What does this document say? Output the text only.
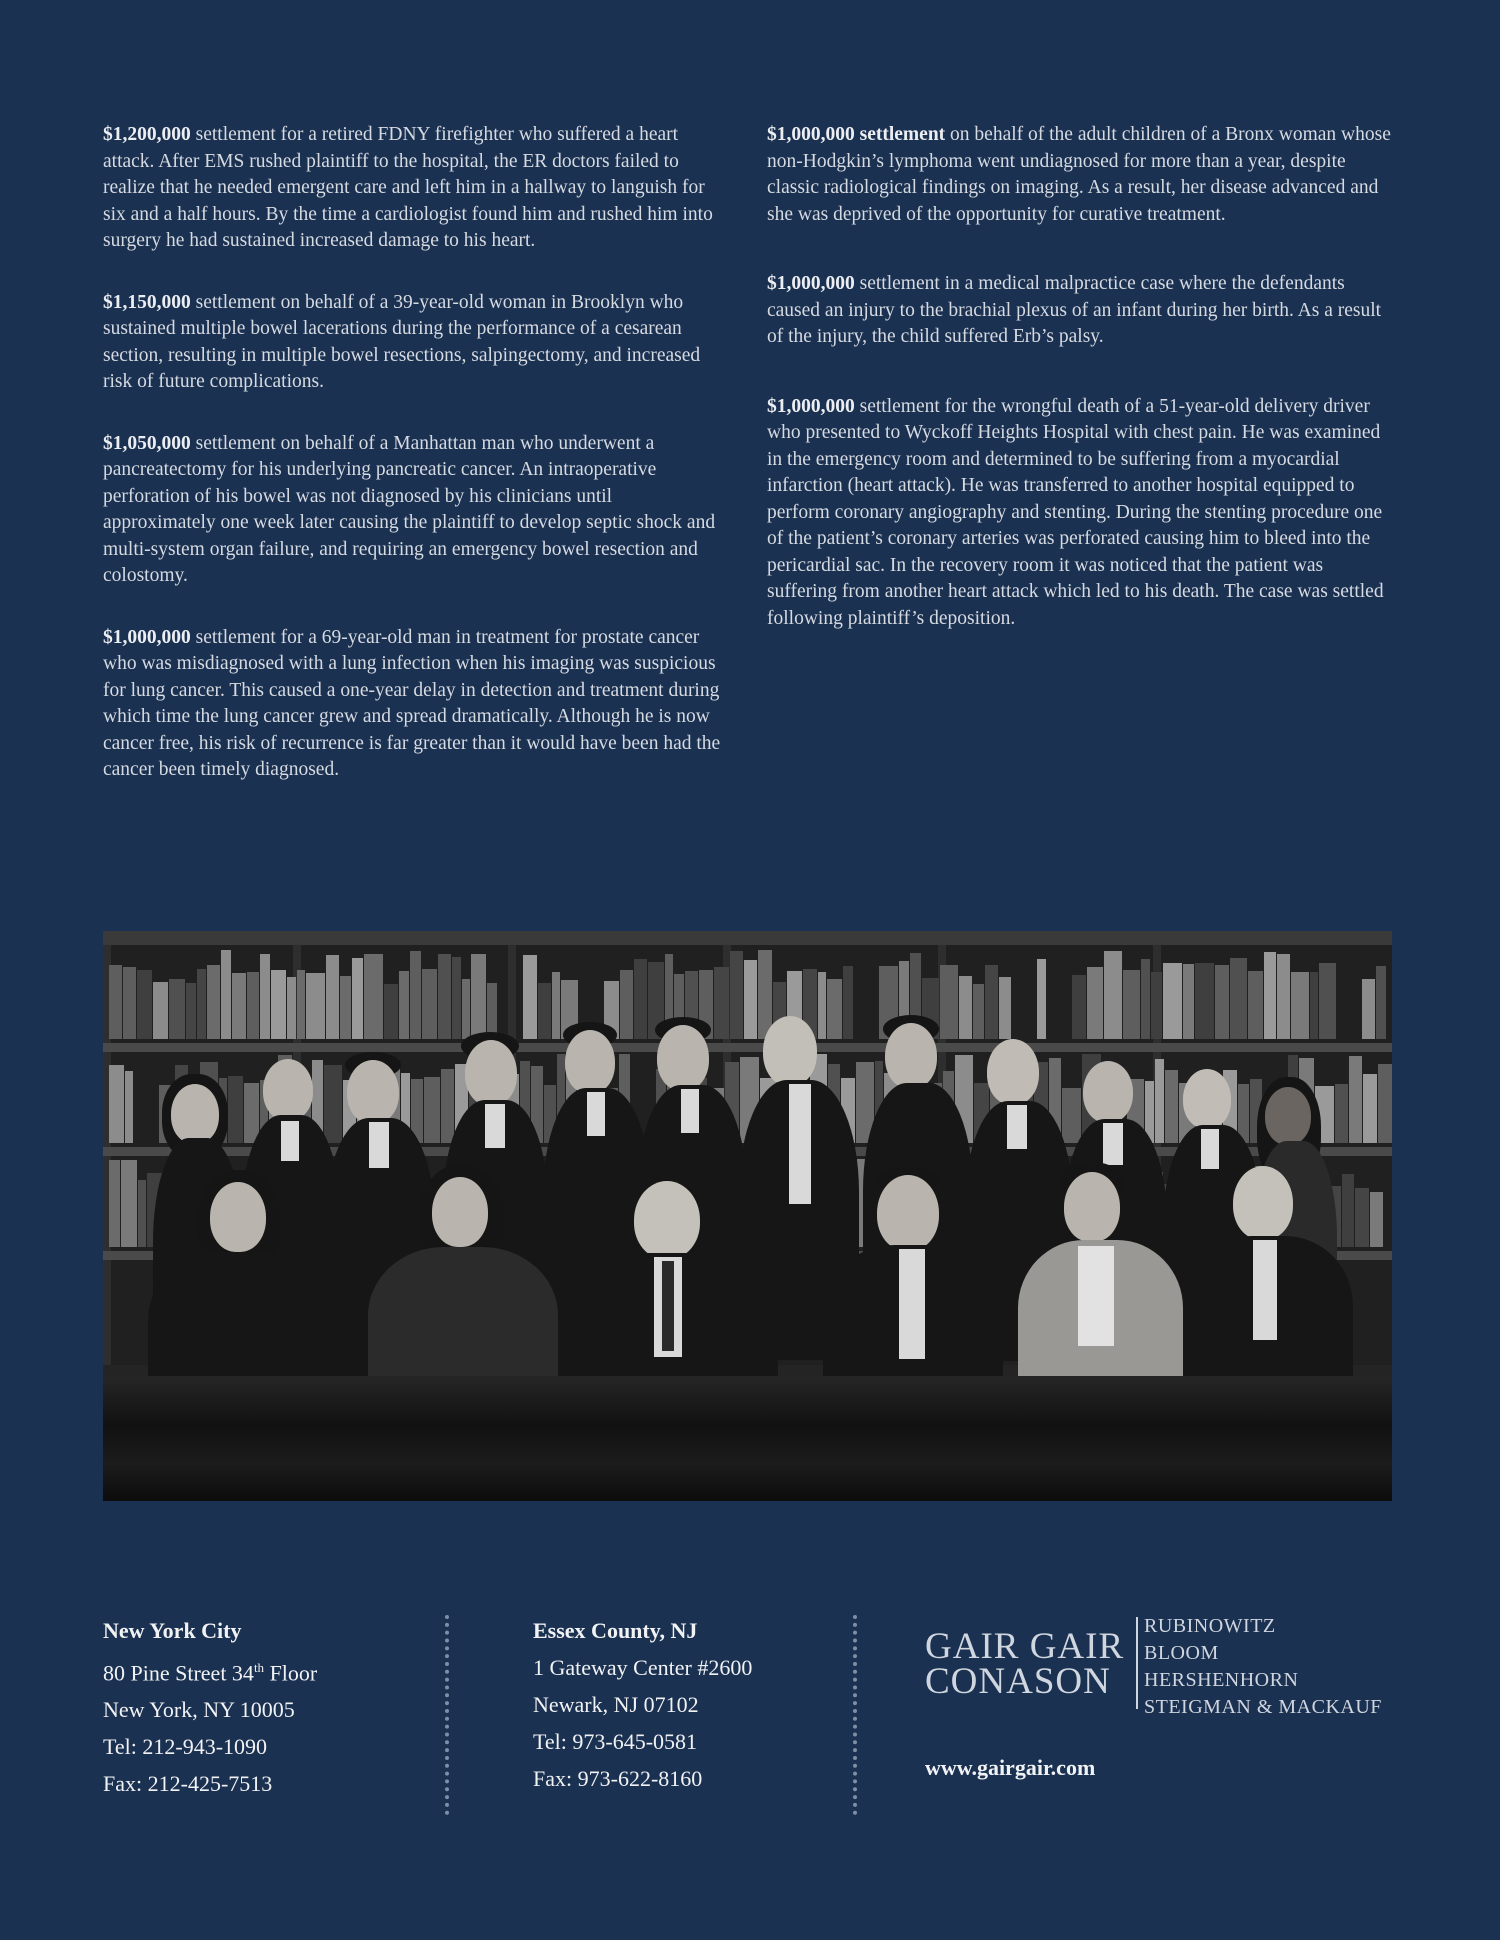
$1,200,000 settlement for a retired FDNY firefighter who suffered a heart attack. After EMS rushed plaintiff to the hospital, the ER doctors failed to realize that he needed emergent care and left him in a hallway to languish for six and a half hours. By the time a cardiologist found him and rushed him into surgery he had sustained increased damage to his heart.

$1,150,000 settlement on behalf of a 39-year-old woman in Brooklyn who sustained multiple bowel lacerations during the performance of a cesarean section, resulting in multiple bowel resections, salpingectomy, and increased risk of future complications.

$1,050,000 settlement on behalf of a Manhattan man who underwent a pancreatectomy for his underlying pancreatic cancer. An intraoperative perforation of his bowel was not diagnosed by his clinicians until approximately one week later causing the plaintiff to develop septic shock and multi-system organ failure, and requiring an emergency bowel resection and colostomy.

$1,000,000 settlement for a 69-year-old man in treatment for prostate cancer who was misdiagnosed with a lung infection when his imaging was suspicious for lung cancer. This caused a one-year delay in detection and treatment during which time the lung cancer grew and spread dramatically. Although he is now cancer free, his risk of recurrence is far greater than it would have been had the cancer been timely diagnosed.

$1,000,000 settlement on behalf of the adult children of a Bronx woman whose non-Hodgkin’s lymphoma went undiagnosed for more than a year, despite classic radiological findings on imaging. As a result, her disease advanced and she was deprived of the opportunity for curative treatment.

$1,000,000 settlement in a medical malpractice case where the defendants caused an injury to the brachial plexus of an infant during her birth. As a result of the injury, the child suffered Erb’s palsy.

$1,000,000 settlement for the wrongful death of a 51-year-old delivery driver who presented to Wyckoff Heights Hospital with chest pain. He was examined in the emergency room and determined to be suffering from a myocardial infarction (heart attack). He was transferred to another hospital equipped to perform coronary angiography and stenting. During the stenting procedure one of the patient’s coronary arteries was perforated causing him to bleed into the pericardial sac. In the recovery room it was noticed that the patient was suffering from another heart attack which led to his death. The case was settled following plaintiff’s deposition.

New York City
80 Pine Street 34th Floor
New York, NY 10005
Tel: 212-943-1090
Fax: 212-425-7513
Essex County, NJ
1 Gateway Center #2600
Newark, NJ 07102
Tel: 973-645-0581
Fax: 973-622-8160
GAIR GAIR
CONASON
RUBINOWITZ
BLOOM
HERSHENHORN
STEIGMAN & MACKAUF
www.gairgair.com
